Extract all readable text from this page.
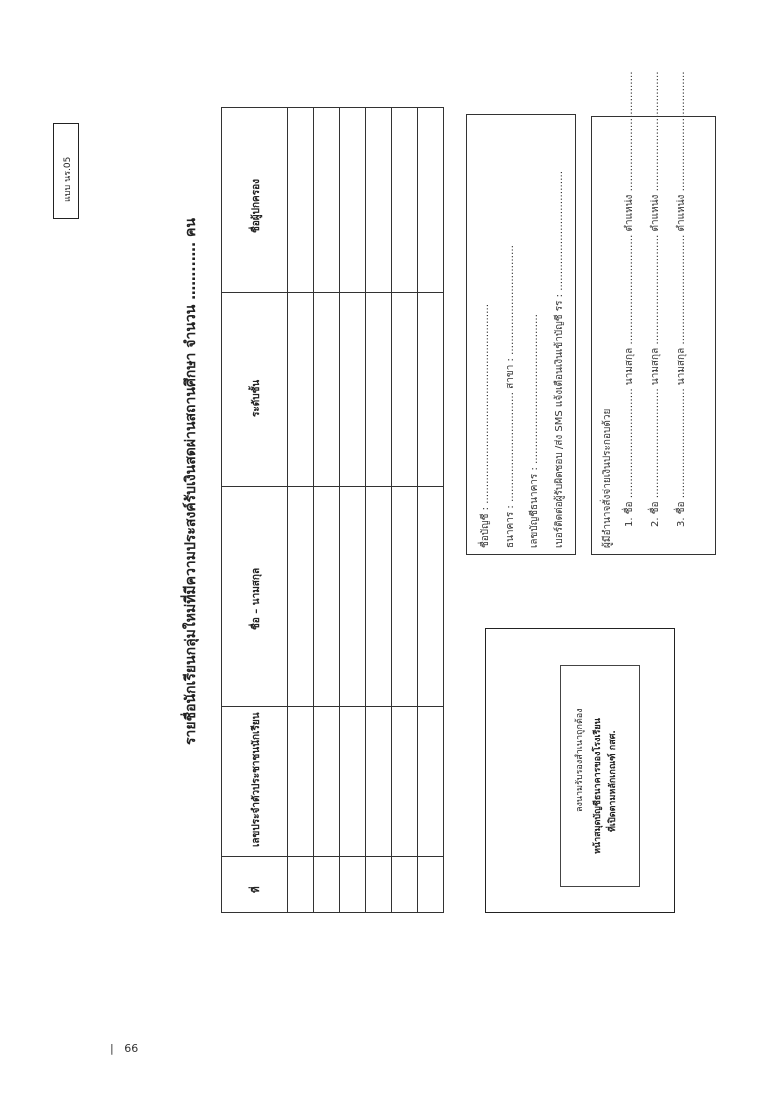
แบบ นร.05
รายชื่อนักเรียนกลุ่มใหม่ที่มีความประสงค์รับเงินสดผ่านสถานศึกษา จำนวน ……..…. คน
ที่
เลขประจำตัวประชาชนนักเรียน
ชื่อ – นามสกุล
ระดับชั้น
ชื่อผู้ปกครอง
ลงนามรับรองสำเนาถูกต้อง หน้าสมุดบัญชีธนาคารของโรงเรียน ที่เปิดตามหลักเกณฑ์ กสศ.
ชื่อบัญชี : …………………………………………………… ธนาคาร : …………………………… สาขา : …………………………… เลขบัญชีธนาคาร : ……………………………………… เบอร์ติดต่อผู้รับผิดชอบ /ส่ง SMS แจ้งเตือนเงินเข้าบัญชี รร : ………………………………	ผู้มีอำนาจสั่งจ่ายเงินประกอบด้วย 1. ชื่อ …………………………… นามสกุล …………………………… ตำแหน่ง ……………………………… 2. ชื่อ …………………………… นามสกุล …………………………… ตำแหน่ง ……………………………… 3. ชื่อ …………………………… นามสกุล …………………………… ตำแหน่ง ………………………………
| 66
